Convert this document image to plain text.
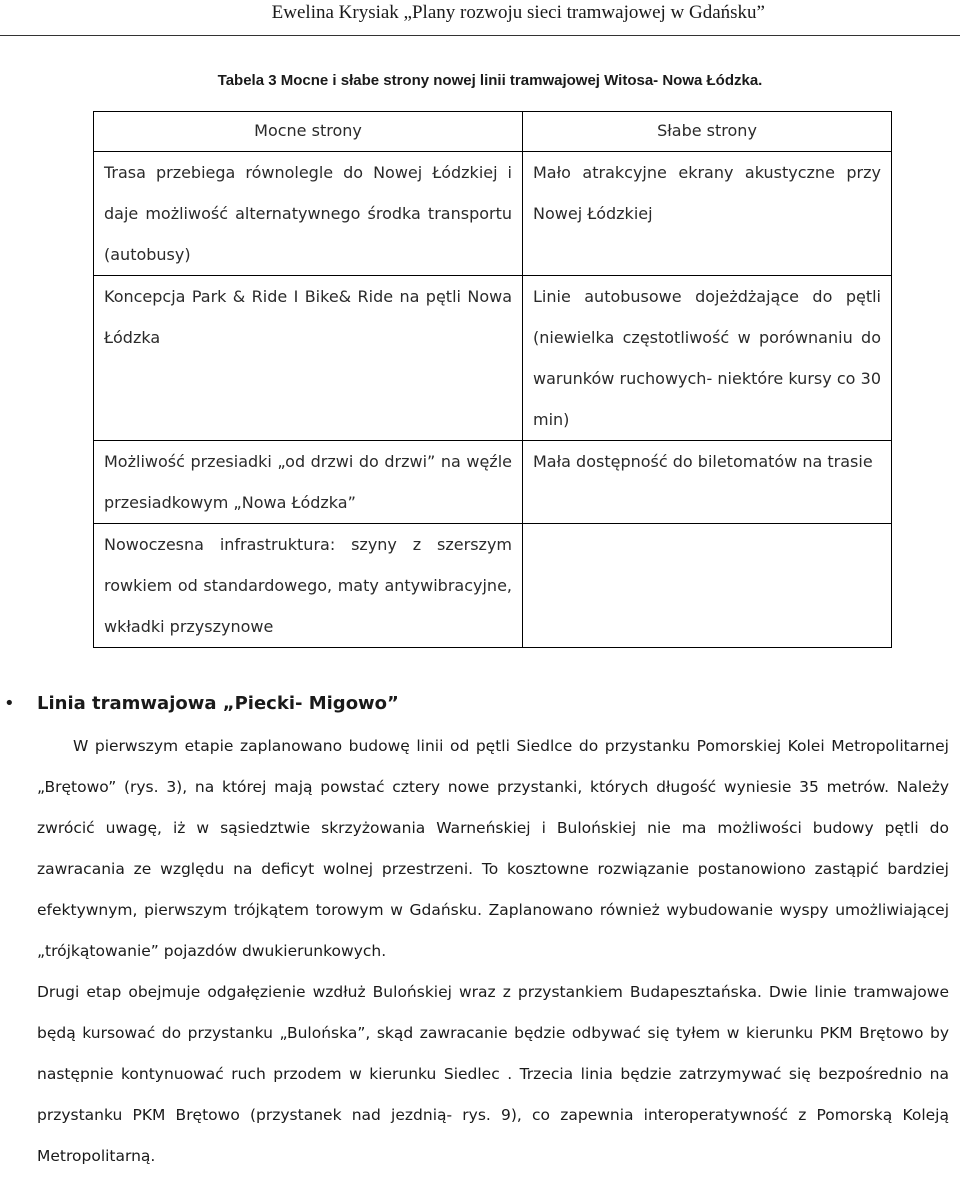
Ewelina Krysiak „Plany rozwoju sieci tramwajowej w Gdańsku”
Tabela 3 Mocne i słabe strony nowej linii tramwajowej Witosa- Nowa Łódzka.
Mocne strony	Słabe strony
Trasa przebiega równolegle do Nowej Łódzkiej i daje możliwość alternatywnego środka transportu (autobusy)	Mało atrakcyjne ekrany akustyczne przy Nowej Łódzkiej
Koncepcja Park & Ride I Bike& Ride na pętli Nowa Łódzka	Linie autobusowe dojeżdżające do pętli (niewielka częstotliwość w porównaniu do warunków ruchowych- niektóre kursy co 30 min)
Możliwość przesiadki „od drzwi do drzwi” na węźle przesiadkowym „Nowa Łódzka”	Mała dostępność do biletomatów na trasie
Nowoczesna infrastruktura: szyny z szerszym rowkiem od standardowego, maty antywibracyjne, wkładki przyszynowe	
• Linia tramwajowa „Piecki- Migowo”

W pierwszym etapie zaplanowano budowę linii od pętli Siedlce do przystanku Pomorskiej Kolei Metropolitarnej „Brętowo” (rys. 3), na której mają powstać cztery nowe przystanki, których długość wyniesie 35 metrów. Należy zwrócić uwagę, iż w sąsiedztwie skrzyżowania Warneńskiej i Bulońskiej nie ma możliwości budowy pętli do zawracania ze względu na deficyt wolnej przestrzeni. To kosztowne rozwiązanie postanowiono zastąpić bardziej efektywnym, pierwszym trójkątem torowym w Gdańsku. Zaplanowano również wybudowanie wyspy umożliwiającej „trójkątowanie” pojazdów dwukierunkowych.

Drugi etap obejmuje odgałęzienie wzdłuż Bulońskiej wraz z przystankiem Budapesztańska. Dwie linie tramwajowe będą kursować do przystanku „Bulońska”, skąd zawracanie będzie odbywać się tyłem w kierunku PKM Brętowo by następnie kontynuować ruch przodem w kierunku Siedlec . Trzecia linia będzie zatrzymywać się bezpośrednio na przystanku PKM Brętowo (przystanek nad jezdnią- rys. 9), co zapewnia interoperatywność z Pomorską Koleją Metropolitarną.
